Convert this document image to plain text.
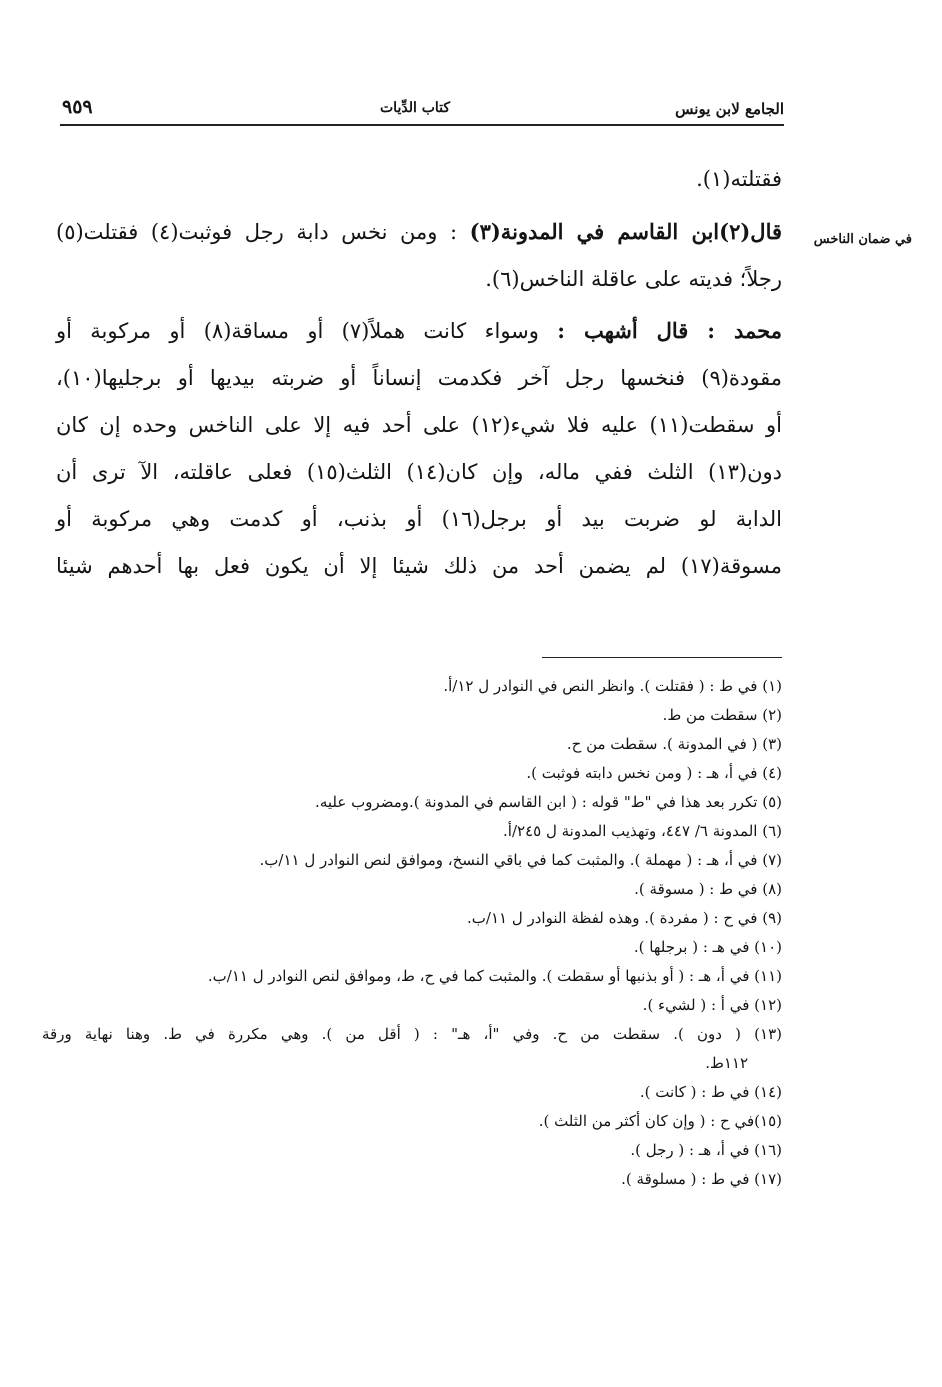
الجامع لابن يونس
كتاب الدِّيات
٩٥٩
في ضمان الناخس
فقتلته(١).
قال(٢)ابن القاسم في المدونة(٣) : ومن نخس دابة رجل فوثبت(٤) فقتلت(٥)
رجلاً؛ فديته على عاقلة الناخس(٦).
محمد : قال أشهب : وسواء كانت هملاً(٧) أو مساقة(٨) أو مركوبة أو
مقودة(٩) فنخسها رجل آخر فكدمت إنساناً أو ضربته بيديها أو برجليها(١٠)،
أو سقطت(١١) عليه فلا شيء(١٢) على أحد فيه إلا على الناخس وحده إن كان
دون(١٣) الثلث ففي ماله، وإن كان(١٤) الثلث(١٥) فعلى عاقلته، الآ ترى أن
الدابة لو ضربت بيد أو برجل(١٦) أو بذنب، أو كدمت وهي مركوبة أو
مسوقة(١٧) لم يضمن أحد من ذلك شيئا إلا أن يكون فعل بها أحدهم شيئا
(١) في ط : ( فقتلت ). وانظر النص في النوادر ل ١٢/أ.
(٢) سقطت من ط.
(٣) ( في المدونة ). سقطت من ح.
(٤) في أ، هـ : ( ومن نخس دابته فوثبت ).
(٥) تكرر بعد هذا في "ط" قوله : ( ابن القاسم في المدونة ).ومضروب عليه.
(٦) المدونة ٦/ ٤٤٧، وتهذيب المدونة ل ٢٤٥/أ.
(٧) في أ، هـ : ( مهملة ). والمثبت كما في باقي النسخ، وموافق لنص النوادر ل ١١/ب.
(٨) في ط : ( مسوقة ).
(٩) في ح : ( مفردة ). وهذه لفظة النوادر ل ١١/ب.
(١٠) في هـ : ( برجلها ).
(١١) في أ، هـ : ( أو بذنبها أو سقطت ). والمثبت كما في ح، ط، وموافق لنص النوادر ل ١١/ب.
(١٢) في أ : ( لشيء ).
(١٣) ( دون ). سقطت من ح. وفي "أ، هـ" : ( أقل من ). وهي مكررة في ط. وهنا نهاية ورقة
١١٢ط.
(١٤) في ط : ( كانت ).
(١٥)في ح : ( وإن كان أكثر من الثلث ).
(١٦) في أ، هـ : ( رجل ).
(١٧) في ط : ( مسلوقة ).
